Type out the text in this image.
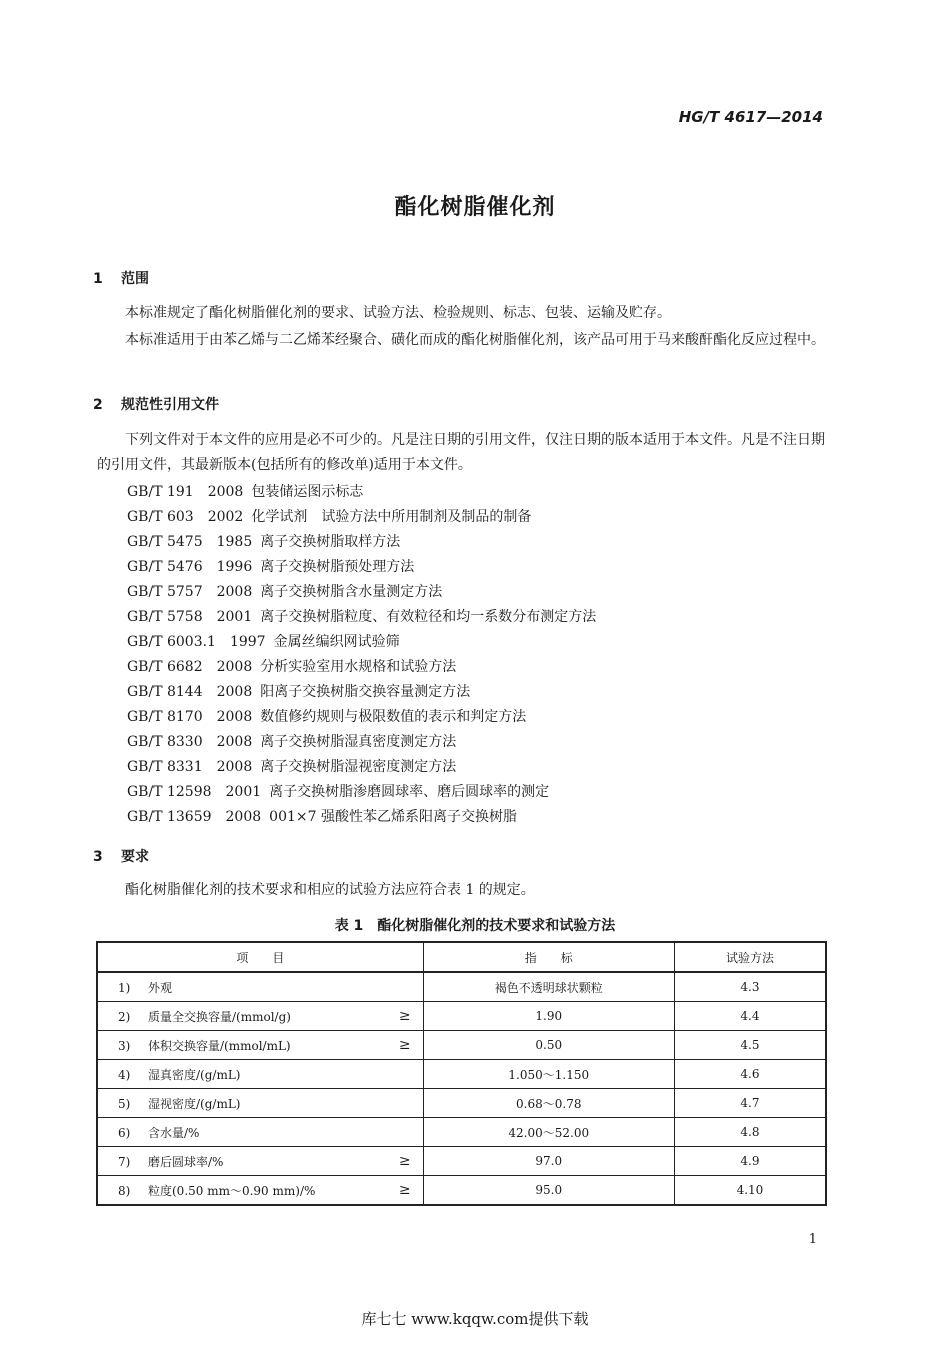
HG/T 4617—2014
酯化树脂催化剂
1 范围
本标准规定了酯化树脂催化剂的要求、试验方法、检验规则、标志、包装、运输及贮存。
本标准适用于由苯乙烯与二乙烯苯经聚合、磺化而成的酯化树脂催化剂，该产品可用于马来酸酐酯化反应过程中。
2 规范性引用文件
下列文件对于本文件的应用是必不可少的。凡是注日期的引用文件，仅注日期的版本适用于本文件。凡是不注日期的引用文件，其最新版本(包括所有的修改单)适用于本文件。
GB/T 191　2008 包装储运图示标志
GB/T 603　2002 化学试剂　试验方法中所用制剂及制品的制备
GB/T 5475　1985 离子交换树脂取样方法
GB/T 5476　1996 离子交换树脂预处理方法
GB/T 5757　2008 离子交换树脂含水量测定方法
GB/T 5758　2001 离子交换树脂粒度、有效粒径和均一系数分布测定方法
GB/T 6003.1　1997 金属丝编织网试验筛
GB/T 6682　2008 分析实验室用水规格和试验方法
GB/T 8144　2008 阳离子交换树脂交换容量测定方法
GB/T 8170　2008 数值修约规则与极限数值的表示和判定方法
GB/T 8330　2008 离子交换树脂湿真密度测定方法
GB/T 8331　2008 离子交换树脂湿视密度测定方法
GB/T 12598　2001 离子交换树脂渗磨圆球率、磨后圆球率的测定
GB/T 13659　2008 001×7 强酸性苯乙烯系阳离子交换树脂
3 要求
酯化树脂催化剂的技术要求和相应的试验方法应符合表 1 的规定。
表 1　酯化树脂催化剂的技术要求和试验方法
项　　目	指　　标	试验方法
1) 外观	褐色不透明球状颗粒	4.3
2) 质量全交换容量/(mmol/g) ≥	1.90	4.4
3) 体积交换容量/(mmol/mL) ≥	0.50	4.5
4) 湿真密度/(g/mL)	1.050～1.150	4.6
5) 湿视密度/(g/mL)	0.68～0.78	4.7
6) 含水量/%	42.00～52.00	4.8
7) 磨后圆球率/% ≥	97.0	4.9
8) 粒度(0.50 mm～0.90 mm)/% ≥	95.0	4.10
1
库七七 www.kqqw.com提供下载
